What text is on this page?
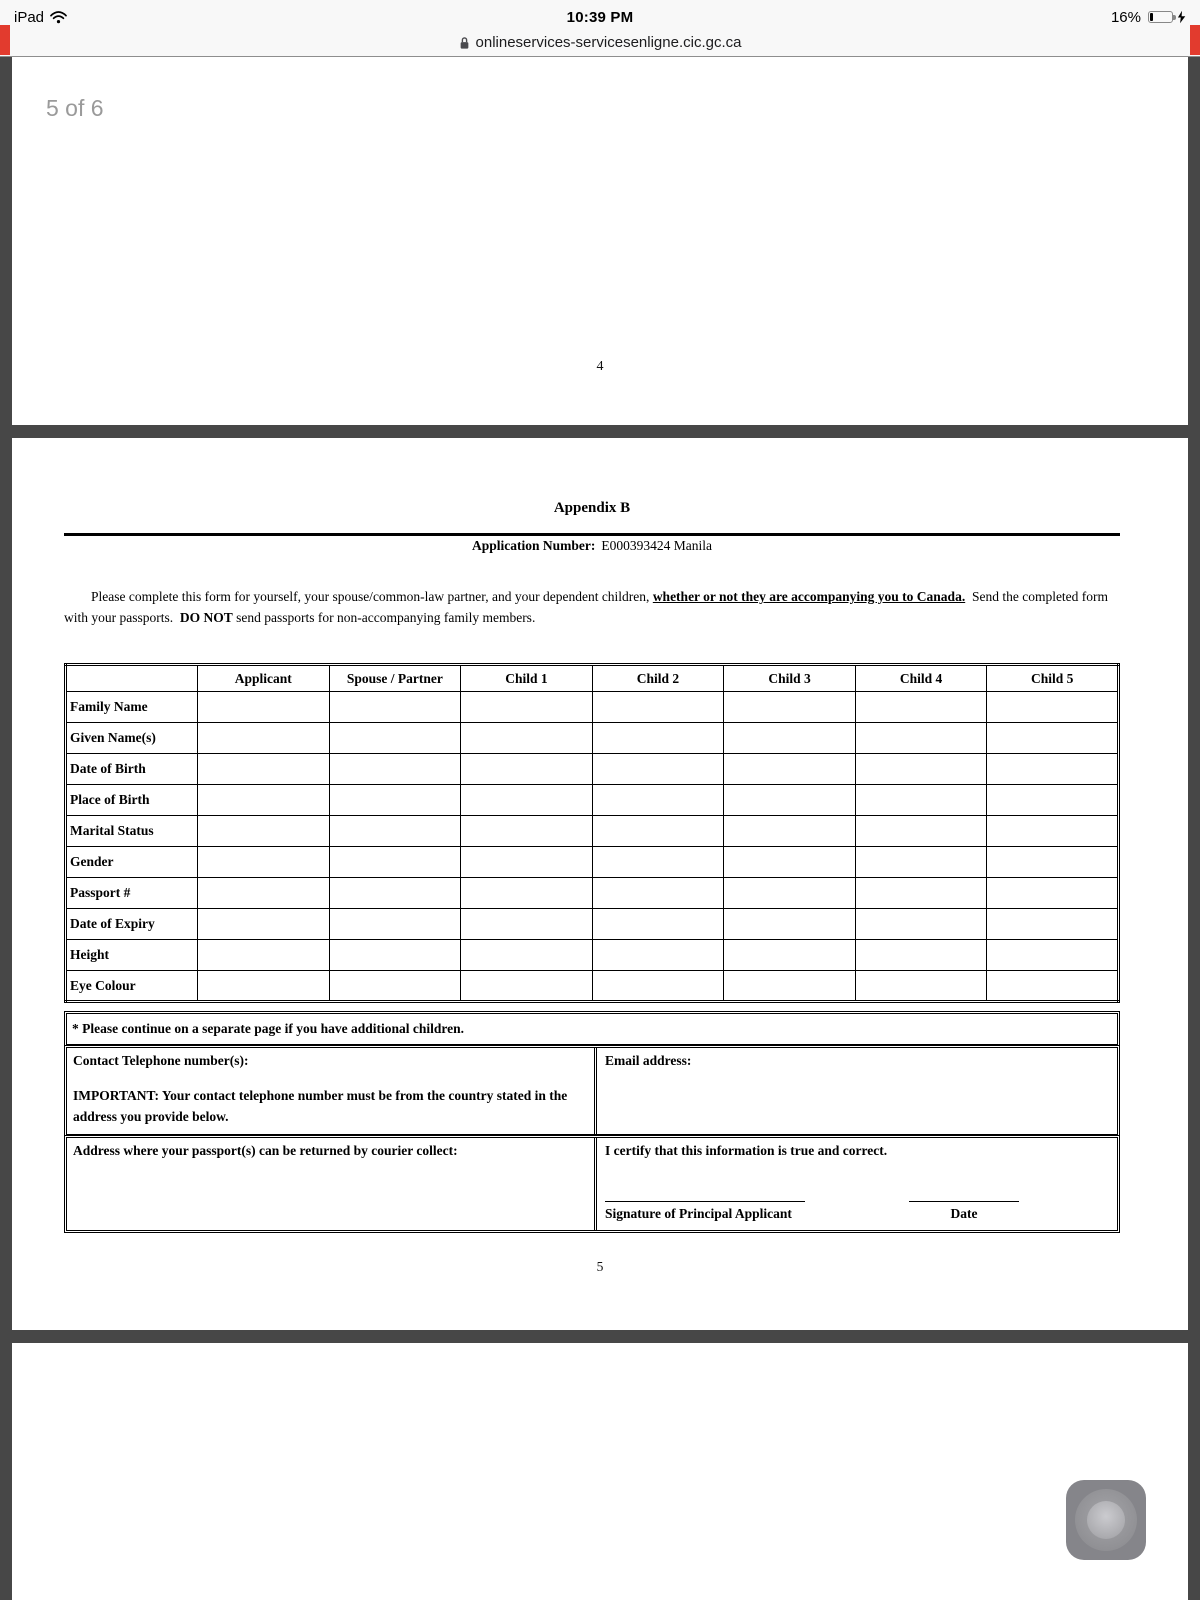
iPad	10:39 PM	16%
onlineservices-servicesenligne.cic.gc.ca
5 of 6
4
Appendix B
Application Number: E000393424 Manila

Please complete this form for yourself, your spouse/common-law partner, and your dependent children, whether or not they are accompanying you to Canada.  Send the completed form with your passports.  DO NOT send passports for non-accompanying family members.

	Applicant	Spouse / Partner	Child 1	Child 2	Child 3	Child 4	Child 5
Family Name							
Given Name(s)							
Date of Birth							
Place of Birth							
Marital Status							
Gender							
Passport #							
Date of Expiry							
Height							
Eye Colour							
* Please continue on a separate page if you have additional children.
Contact Telephone number(s):
IMPORTANT: Your contact telephone number must be from the country stated in the address you provide below.
Email address:
Address where your passport(s) can be returned by courier collect:	I certify that this information is true and correct.
Signature of Principal Applicant	Date
5
